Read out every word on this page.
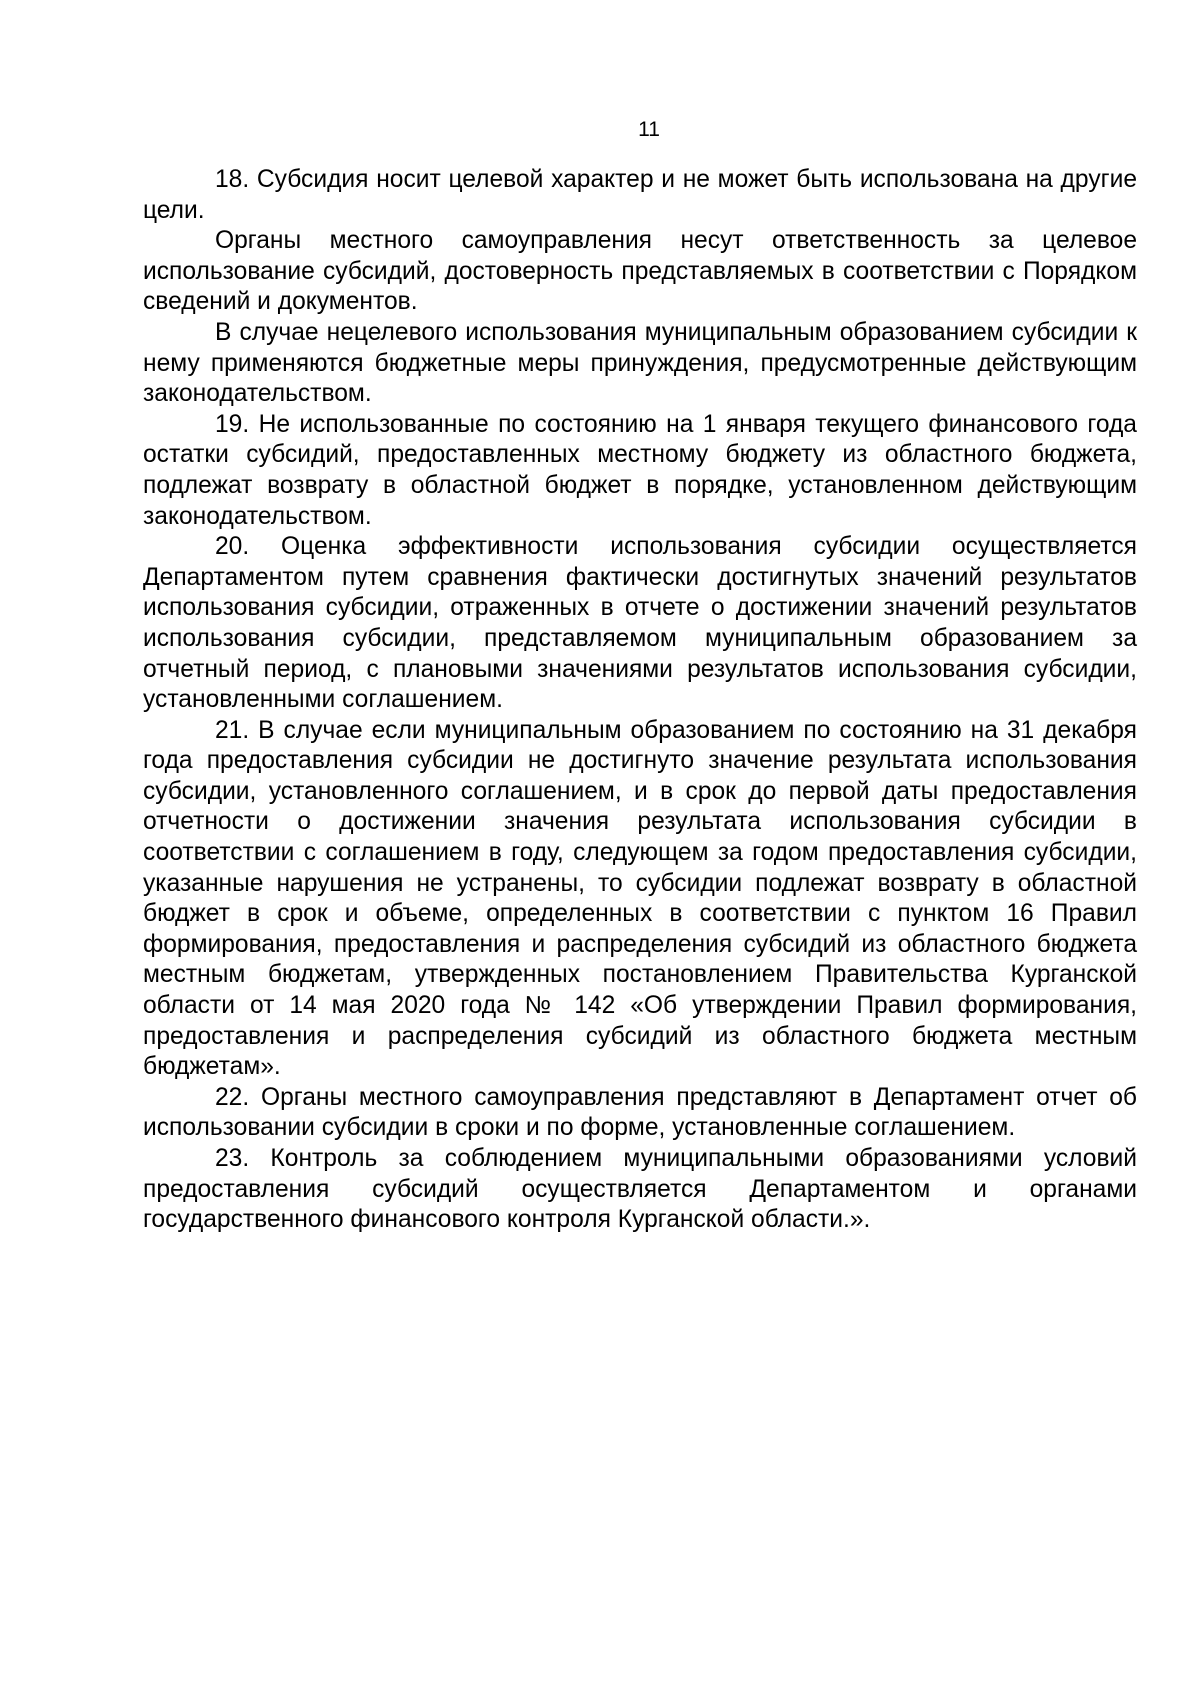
11

18. Субсидия носит целевой характер и не может быть использована на другие цели.

Органы местного самоуправления несут ответственность за целевое использование субсидий, достоверность представляемых в соответствии с Порядком сведений и документов.

В случае нецелевого использования муниципальным образованием субсидии к нему применяются бюджетные меры принуждения, предусмотренные действующим законодательством.

19. Не использованные по состоянию на 1 января текущего финансового года остатки субсидий, предоставленных местному бюджету из областного бюджета, подлежат возврату в областной бюджет в порядке, установленном действующим законодательством.

20. Оценка эффективности использования субсидии осуществляется Департаментом путем сравнения фактически достигнутых значений результатов использования субсидии, отраженных в отчете о достижении значений результатов использования субсидии, представляемом муниципальным образованием за отчетный период, с плановыми значениями результатов использования субсидии, установленными соглашением.

21. В случае если муниципальным образованием по состоянию на 31 декабря года предоставления субсидии не достигнуто значение результата использования субсидии, установленного соглашением, и в срок до первой даты предоставления отчетности о достижении значения результата использования субсидии в соответствии с соглашением в году, следующем за годом предоставления субсидии, указанные нарушения не устранены, то субсидии подлежат возврату в областной бюджет в срок и объеме, определенных в соответствии с пунктом 16 Правил формирования, предоставления и распределения субсидий из областного бюджета местным бюджетам, утвержденных постановлением Правительства Курганской области от 14 мая 2020 года № 142 «Об утверждении Правил формирования, предоставления и распределения субсидий из областного бюджета местным бюджетам».

22. Органы местного самоуправления представляют в Департамент отчет об использовании субсидии в сроки и по форме, установленные соглашением.

23. Контроль за соблюдением муниципальными образованиями условий предоставления субсидий осуществляется Департаментом и органами государственного финансового контроля Курганской области.».
